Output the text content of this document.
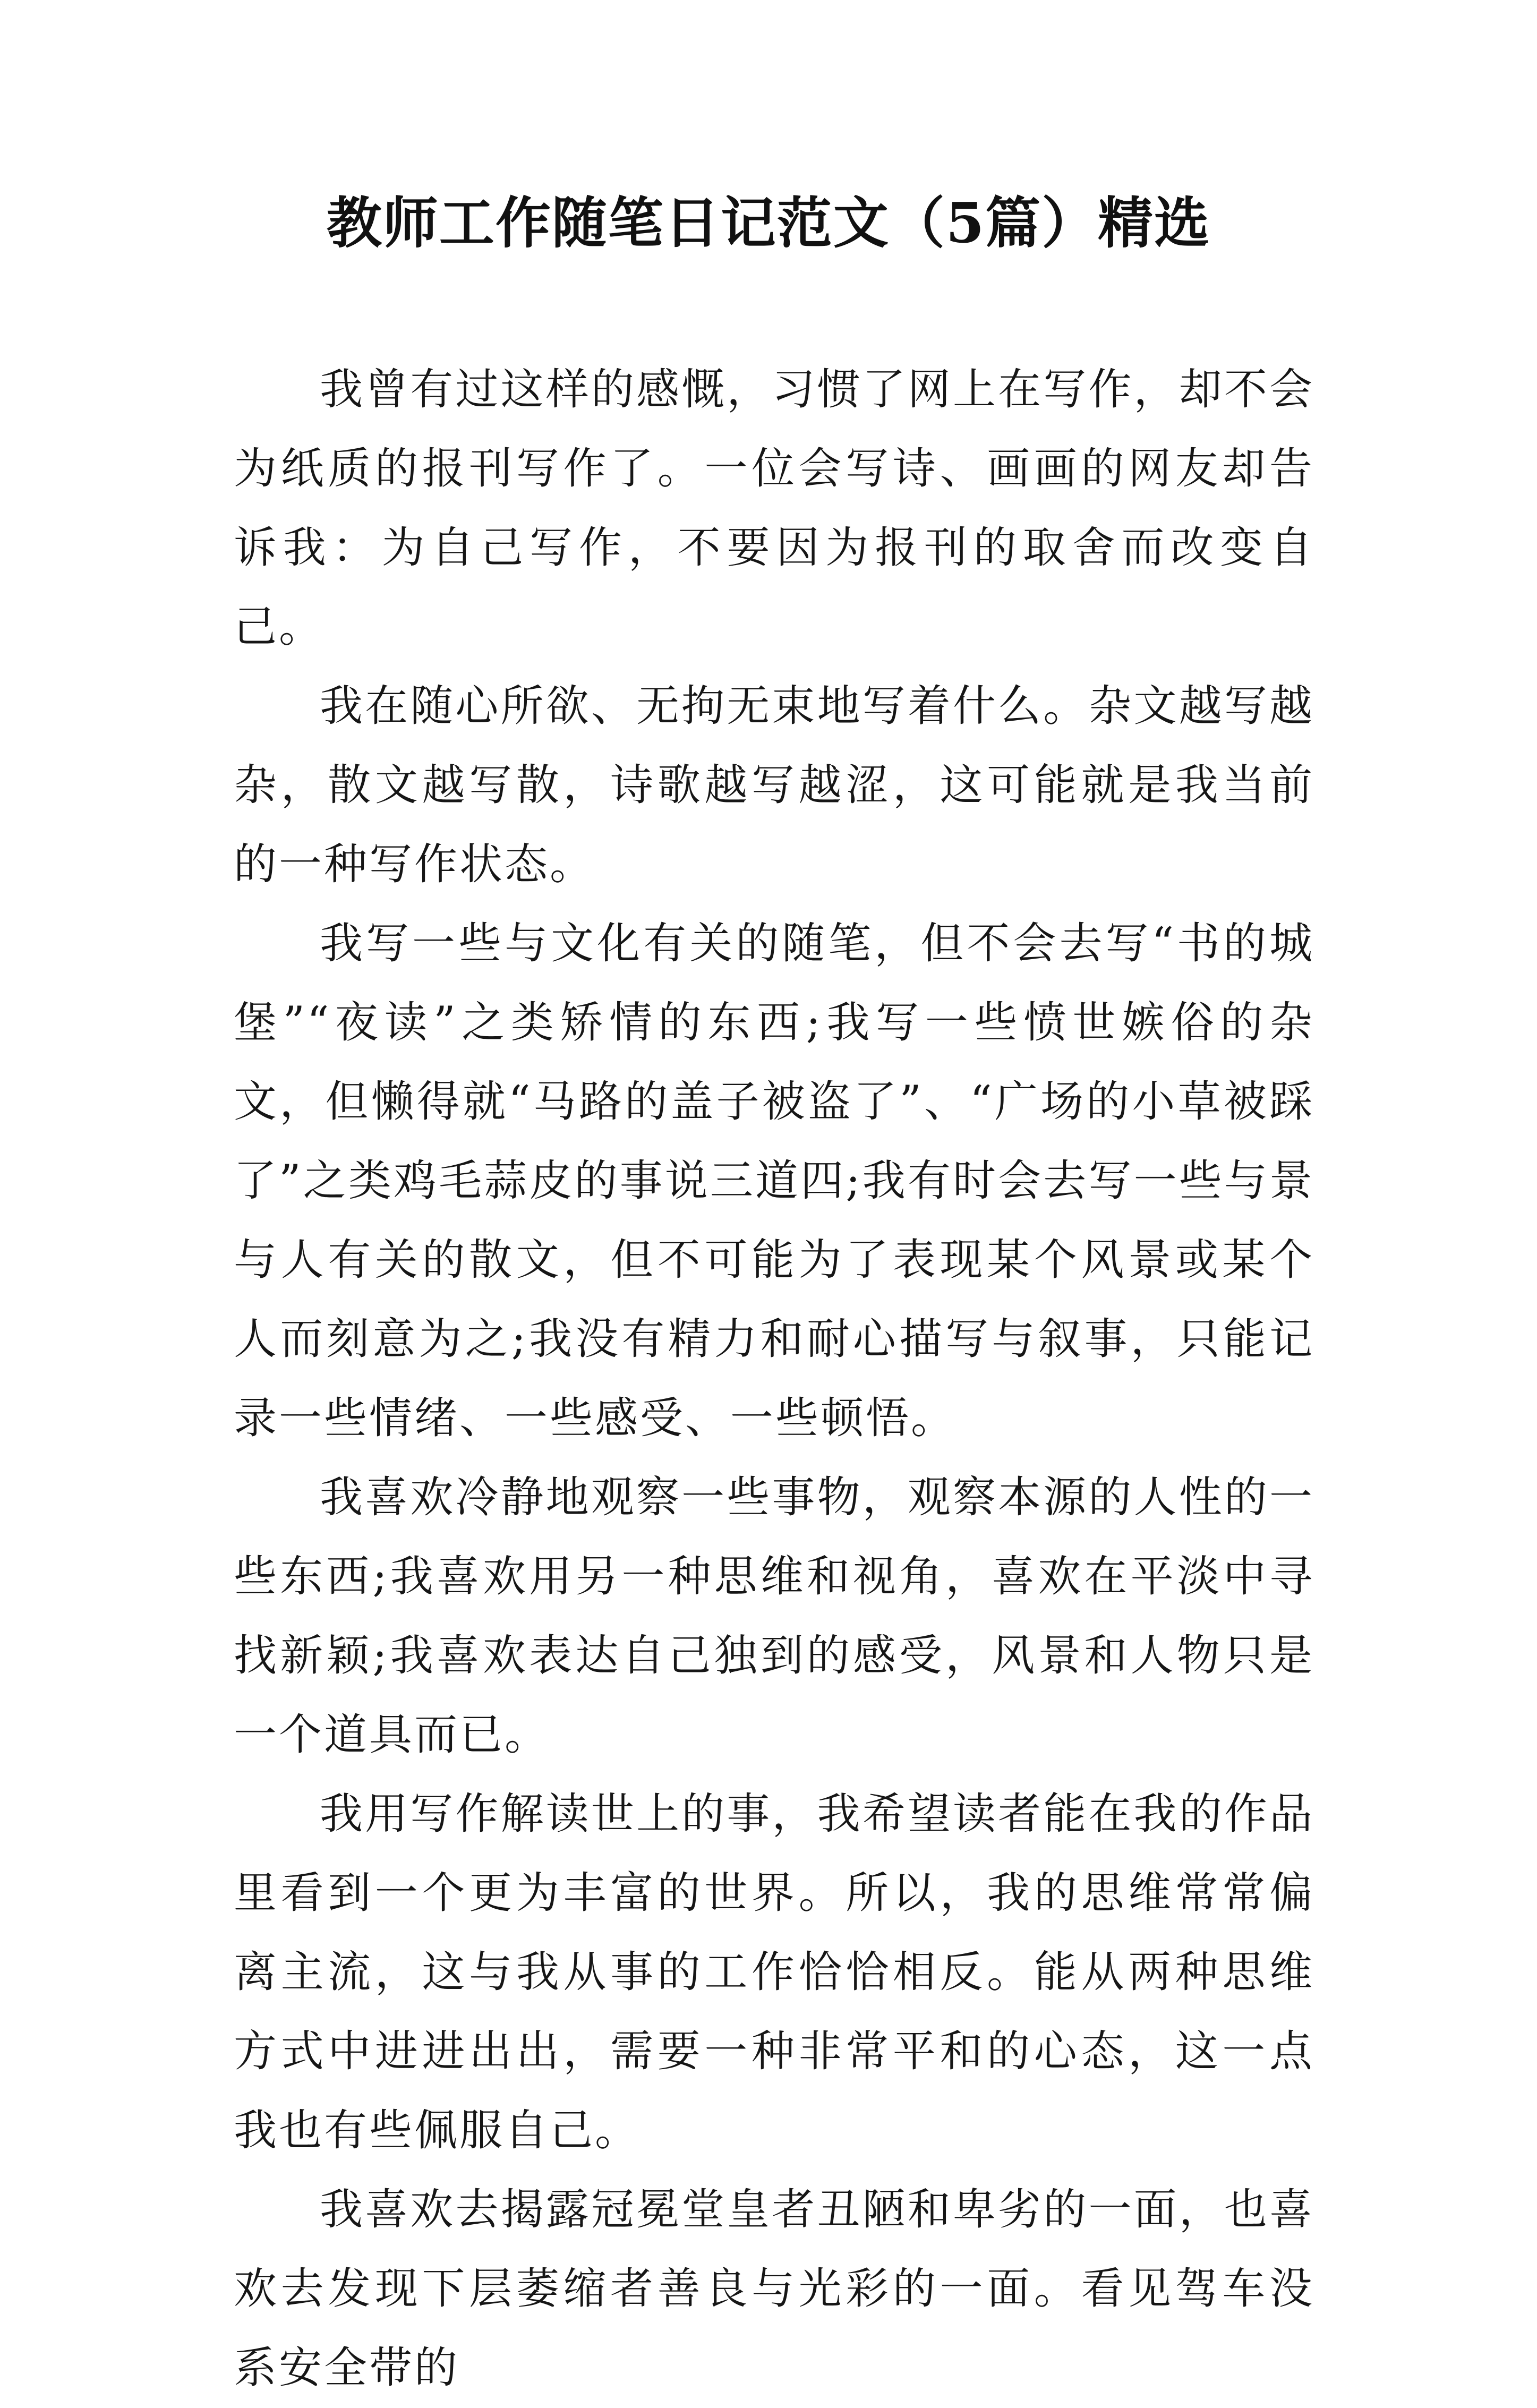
教师工作随笔日记范文（5篇）精选

我曾有过这样的感慨，习惯了网上在写作，却不会为纸质的报刊写作了。一位会写诗、画画的网友却告诉我：为自己写作，不要因为报刊的取舍而改变自己。

我在随心所欲、无拘无束地写着什么。杂文越写越杂，散文越写散，诗歌越写越涩，这可能就是我当前的一种写作状态。

我写一些与文化有关的随笔，但不会去写“书的城堡”“夜读”之类矫情的东西;我写一些愤世嫉俗的杂文，但懒得就“马路的盖子被盗了”、“广场的小草被踩了”之类鸡毛蒜皮的事说三道四;我有时会去写一些与景与人有关的散文，但不可能为了表现某个风景或某个人而刻意为之;我没有精力和耐心描写与叙事，只能记录一些情绪、一些感受、一些顿悟。

我喜欢冷静地观察一些事物，观察本源的人性的一些东西;我喜欢用另一种思维和视角，喜欢在平淡中寻找新颖;我喜欢表达自己独到的感受，风景和人物只是一个道具而已。

我用写作解读世上的事，我希望读者能在我的作品里看到一个更为丰富的世界。所以，我的思维常常偏离主流，这与我从事的工作恰恰相反。能从两种思维方式中进进出出，需要一种非常平和的心态，这一点我也有些佩服自己。

我喜欢去揭露冠冕堂皇者丑陋和卑劣的一面，也喜欢去发现下层萎缩者善良与光彩的一面。看见驾车没系安全带的
